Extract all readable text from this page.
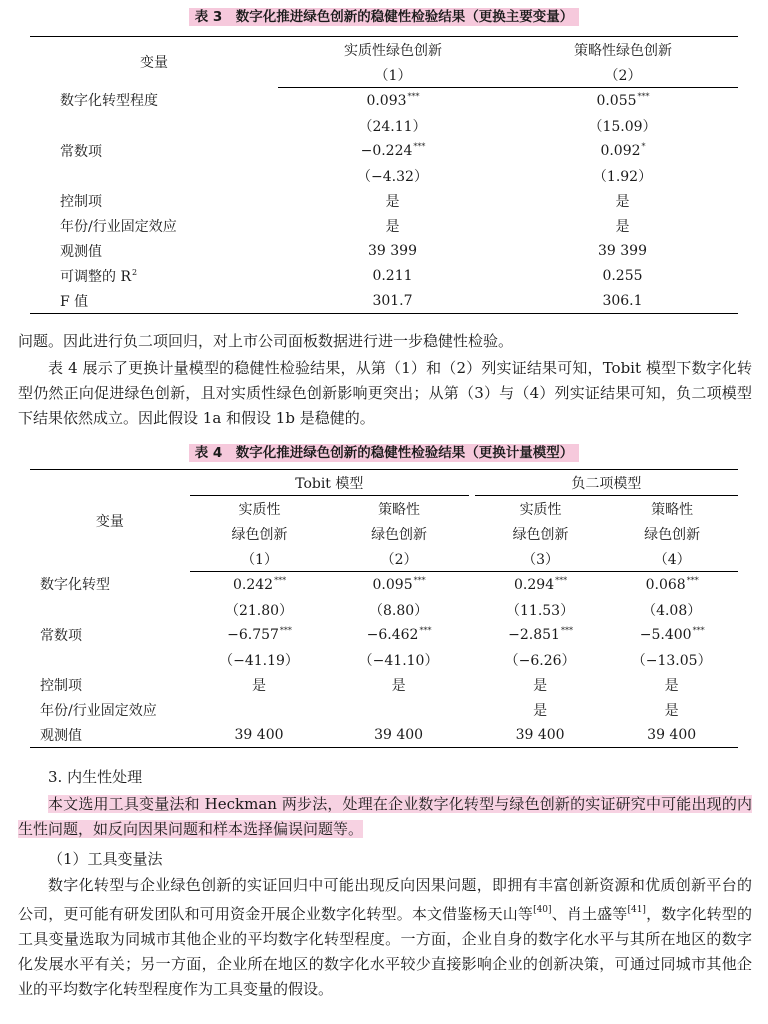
表 3　数字化推进绿色创新的稳健性检验结果（更换主要变量）
变量	实质性绿色创新	策略性绿色创新
	（1）	（2）
数字化转型程度	0.093***	0.055***
	（24.11）	（15.09）
常数项	−0.224***	0.092*
	（−4.32）	（1.92）
控制项	是	是
年份/行业固定效应	是	是
观测值	39 399	39 399
可调整的 $R^2$	0.211	0.255
F 值	301.7	306.1
问题。因此进行负二项回归，对上市公司面板数据进行进一步稳健性检验。
表 4 展示了更换计量模型的稳健性检验结果，从第（1）和（2）列实证结果可知，Tobit 模型下数字化转型仍然正向促进绿色创新，且对实质性绿色创新影响更突出；从第（3）与（4）列实证结果可知，负二项模型下结果依然成立。因此假设 1a 和假设 1b 是稳健的。
表 4　数字化推进绿色创新的稳健性检验结果（更换计量模型）
变量	Tobit 模型			负二项模型	
	实质性	策略性		实质性	策略性
	绿色创新	绿色创新		绿色创新	绿色创新
	（1）	（2）		（3）	（4）
数字化转型	0.242***	0.095***		0.294***	0.068***
	（21.80）	（8.80）		（11.53）	（4.08）
常数项	−6.757***	−6.462***		−2.851***	−5.400***
	（−41.19）	（−41.10）		（−6.26）	（−13.05）
控制项	是	是		是	是
年份/行业固定效应				是	是
观测值	39 400	39 400		39 400	39 400
3. 内生性处理
本文选用工具变量法和 Heckman 两步法，处理在企业数字化转型与绿色创新的实证研究中可能出现的内生性问题，如反向因果问题和样本选择偏误问题等。
（1）工具变量法
数字化转型与企业绿色创新的实证回归中可能出现反向因果问题，即拥有丰富创新资源和优质创新平台的公司，更可能有研发团队和可用资金开展企业数字化转型。本文借鉴杨天山等[40]、肖土盛等[41]，数字化转型的工具变量选取为同城市其他企业的平均数字化转型程度。一方面，企业自身的数字化水平与其所在地区的数字化发展水平有关；另一方面，企业所在地区的数字化水平较少直接影响企业的创新决策，可通过同城市其他企业的平均数字化转型程度作为工具变量的假设。
